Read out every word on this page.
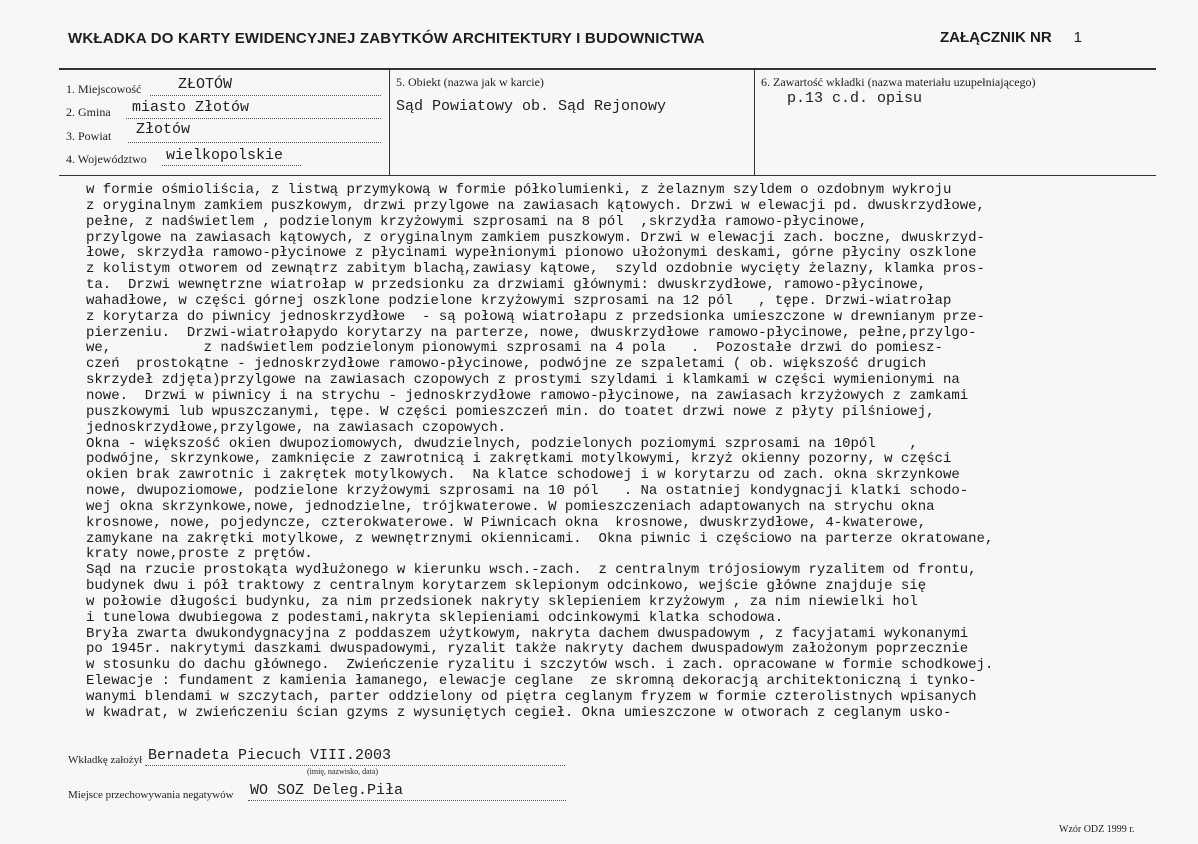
WKŁADKA DO KARTY EWIDENCYJNEJ ZABYTKÓW ARCHITEKTURY I BUDOWNICTWA	ZAŁĄCZNIK NR 1
1. Miejscowość ZŁOTÓW
2. Gmina miasto Złotów
3. Powiat Złotów
4. Województwo wielkopolskie
5. Obiekt (nazwa jak w karcie)
Sąd Powiatowy ob. Sąd Rejonowy
6. Zawartość wkładki (nazwa materiału uzupełniającego)
p.13 c.d. opisu
w formie ośmioliścia, z listwą przymykową w formie półkolumienki, z żelaznym szyldem o ozdobnym wykroju
z oryginalnym zamkiem puszkowym, drzwi przylgowe na zawiasach kątowych. Drzwi w elewacji pd. dwuskrzydłowe,
pełne, z nadświetlem , podzielonym krzyżowymi szprosami na 8 pól  ,skrzydła ramowo-płycinowe,
przylgowe na zawiasach kątowych, z oryginalnym zamkiem puszkowym. Drzwi w elewacji zach. boczne, dwuskrzyd-
łowe, skrzydła ramowo-płycinowe z płycinami wypełnionymi pionowo ułożonymi deskami, górne płyciny oszklone
z kolistym otworem od zewnątrz zabitym blachą,zawiasy kątowe,  szyld ozdobnie wycięty żelazny, klamka pros-
ta.  Drzwi wewnętrzne wiatrołap w przedsionku za drzwiami głównymi: dwuskrzydłowe, ramowo-płycinowe,
wahadłowe, w części górnej oszklone podzielone krzyżowymi szprosami na 12 pól   , tępe. Drzwi-wiatrołap
z korytarza do piwnicy jednoskrzydłowe  - są połową wiatrołapu z przedsionka umieszczone w drewnianym prze-
pierzeniu.  Drzwi-wiatrołapydo korytarzy na parterze, nowe, dwuskrzydłowe ramowo-płycinowe, pełne,przylgo-
we,           z nadświetlem podzielonym pionowymi szprosami na 4 pola   .  Pozostałe drzwi do pomiesz-
czeń  prostokątne - jednoskrzydłowe ramowo-płycinowe, podwójne ze szpaletami ( ob. większość drugich
skrzydeł zdjęta)przylgowe na zawiasach czopowych z prostymi szyldami i klamkami w części wymienionymi na
nowe.  Drzwi w piwnicy i na strychu - jednoskrzydłowe ramowo-płycinowe, na zawiasach krzyżowych z zamkami
puszkowymi lub wpuszczanymi, tępe. W części pomieszczeń min. do toatet drzwi nowe z płyty pilśniowej,
jednoskrzydłowe,przylgowe, na zawiasach czopowych.
Okna - większość okien dwupoziomowych, dwudzielnych, podzielonych poziomymi szprosami na 10pól    ,
podwójne, skrzynkowe, zamknięcie z zawrotnicą i zakrętkami motylkowymi, krzyż okienny pozorny, w części
okien brak zawrotnic i zakrętek motylkowych.  Na klatce schodowej i w korytarzu od zach. okna skrzynkowe
nowe, dwupoziomowe, podzielone krzyżowymi szprosami na 10 pól   . Na ostatniej kondygnacji klatki schodo-
wej okna skrzynkowe,nowe, jednodzielne, trójkwaterowe. W pomieszczeniach adaptowanych na strychu okna
krosnowe, nowe, pojedyncze, czterokwaterowe. W Piwnicach okna  krosnowe, dwuskrzydłowe, 4-kwaterowe,
zamykane na zakrętki motylkowe, z wewnętrznymi okiennicami.  Okna piwnic i częściowo na parterze okratowane,
kraty nowe,proste z prętów.
Sąd na rzucie prostokąta wydłużonego w kierunku wsch.-zach.  z centralnym trójosiowym ryzalitem od frontu,
budynek dwu i pół traktowy z centralnym korytarzem sklepionym odcinkowo, wejście główne znajduje się
w połowie długości budynku, za nim przedsionek nakryty sklepieniem krzyżowym , za nim niewielki hol
i tunelowa dwubiegowa z podestami,nakryta sklepieniami odcinkowymi klatka schodowa.
Bryła zwarta dwukondygnacyjna z poddaszem użytkowym, nakryta dachem dwuspadowym , z facyjatami wykonanymi
po 1945r. nakrytymi daszkami dwuspadowymi, ryzalit także nakryty dachem dwuspadowym założonym poprzecznie
w stosunku do dachu głównego.  Zwieńczenie ryzalitu i szczytów wsch. i zach. opracowane w formie schodkowej.
Elewacje : fundament z kamienia łamanego, elewacje ceglane  ze skromną dekoracją architektoniczną i tynko-
wanymi blendami w szczytach, parter oddzielony od piętra ceglanym fryzem w formie czterolistnych wpisanych
w kwadrat, w zwieńczeniu ścian gzyms z wysuniętych cegieł. Okna umieszczone w otworach z ceglanym usko-
Wkładkę założył Bernadeta Piecuch VIII.2003
(imię, nazwisko, data)
Miejsce przechowywania negatywów WO SOZ Deleg.Piła
Wzór ODZ 1999 r.
